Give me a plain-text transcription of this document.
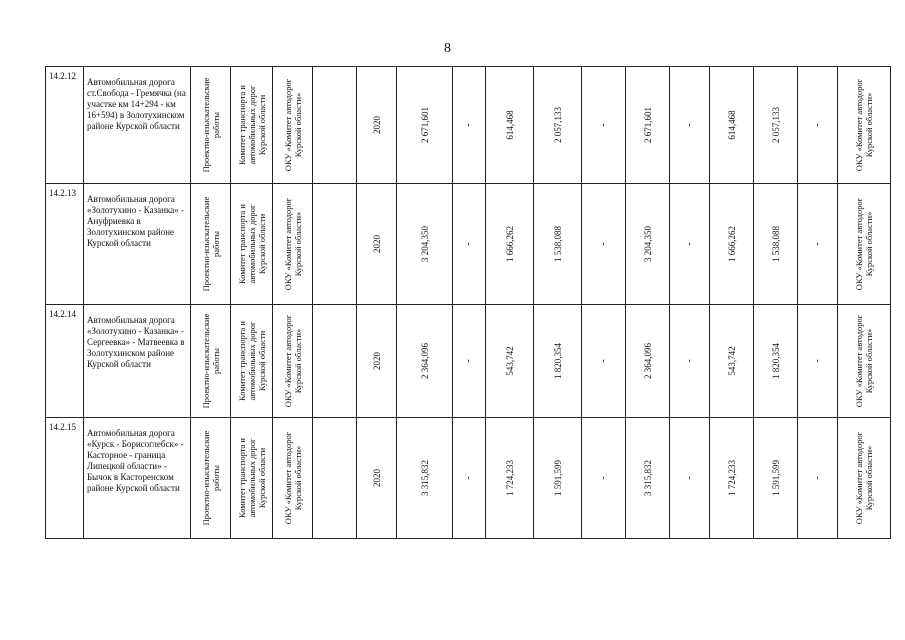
8
14.2.12	Автомобильная дорога ст.Свобода - Гремячка (на участке км 14+294 - км 16+594) в Золотухинском районе Курской области	Проектно-изыскательские работы	Комитет транспорта и автомобильных дорог Курской области	ОКУ «Комитет автодорог Курской области»		2020	2 671,601	-	614,468	2 057,133	-	2 671,601	-	614,468	2 057,133	-	ОКУ «Комитет автодорог Курской области»

14.2.13	Автомобильная дорога «Золотухино - Казанка» - Ануфриевка в Золотухинском районе Курской области	Проектно-изыскательские работы	Комитет транспорта и автомобильных дорог Курской области	ОКУ «Комитет автодорог Курской области»		2020	3 204,350	-	1 666,262	1 538,088	-	3 204,350	-	1 666,262	1 538,088	-	ОКУ «Комитет автодорог Курской области»

14.2.14	Автомобильная дорога «Золотухино - Казанка» - Сергеевка» - Матвеевка в Золотухинском районе Курской области	Проектно-изыскательские работы	Комитет транспорта и автомобильных дорог Курской области	ОКУ «Комитет автодорог Курской области»		2020	2 364,096	-	543,742	1 820,354	-	2 364,096	-	543,742	1 820,354	-	ОКУ «Комитет автодорог Курской области»

14.2.15	Автомобильная дорога «Курск - Борисоглебск» - Касторное - граница Липецкой области» - Бычок в Касторенском районе Курской области	Проектно-изыскательские работы	Комитет транспорта и автомобильных дорог Курской области	ОКУ «Комитет автодорог Курской области»		2020	3 315,832	-	1 724,233	1 591,599	-	3 315,832	-	1 724,233	1 591,599	-	ОКУ «Комитет автодорог Курской области»
